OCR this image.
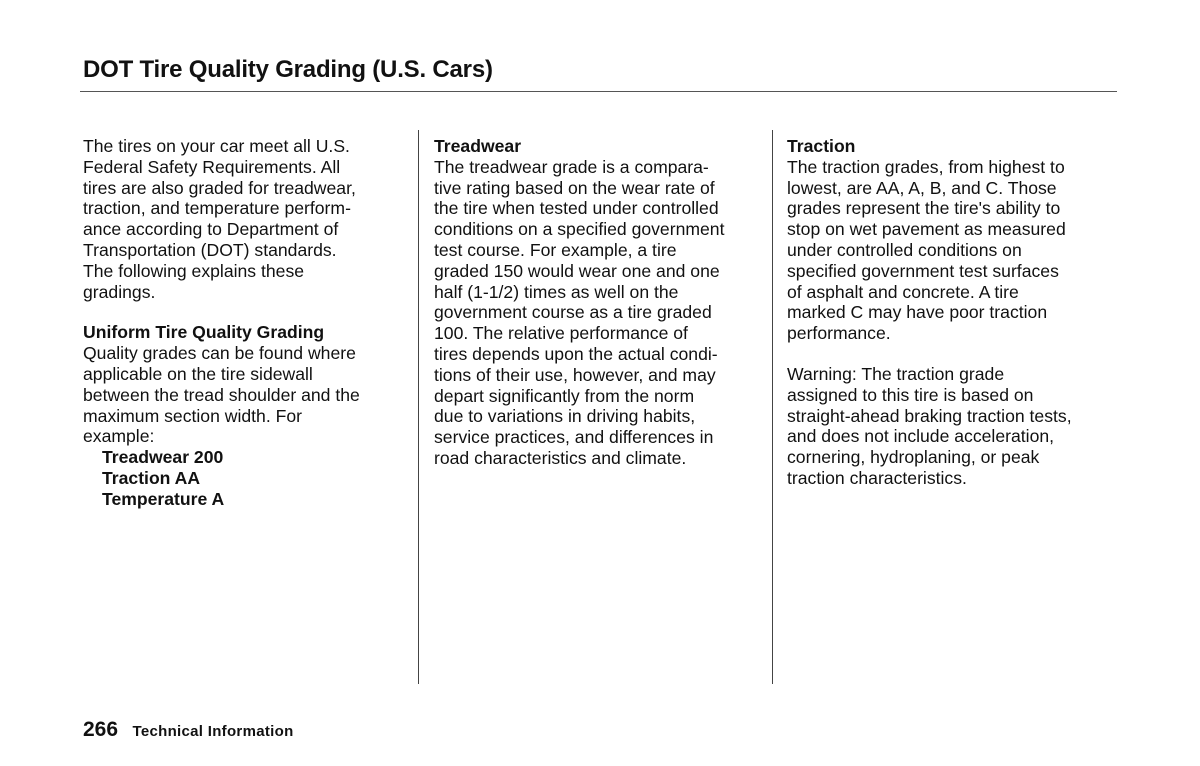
DOT Tire Quality Grading (U.S. Cars)
The tires on your car meet all U.S.
Federal Safety Requirements. All
tires are also graded for treadwear,
traction, and temperature perform-
ance according to Department of
Transportation (DOT) standards.
The following explains these
gradings.
Uniform Tire Quality Grading
Quality grades can be found where
applicable on the tire sidewall
between the tread shoulder and the
maximum section width. For
example:
Treadwear 200
Traction AA
Temperature A
Treadwear
The treadwear grade is a compara-
tive rating based on the wear rate of
the tire when tested under controlled
conditions on a specified government
test course. For example, a tire
graded 150 would wear one and one
half (1-1/2) times as well on the
government course as a tire graded
100. The relative performance of
tires depends upon the actual condi-
tions of their use, however, and may
depart significantly from the norm
due to variations in driving habits,
service practices, and differences in
road characteristics and climate.
Traction
The traction grades, from highest to
lowest, are AA, A, B, and C. Those
grades represent the tire's ability to
stop on wet pavement as measured
under controlled conditions on
specified government test surfaces
of asphalt and concrete. A tire
marked C may have poor traction
performance.
Warning: The traction grade
assigned to this tire is based on
straight-ahead braking traction tests,
and does not include acceleration,
cornering, hydroplaning, or peak
traction characteristics.
266 Technical Information
